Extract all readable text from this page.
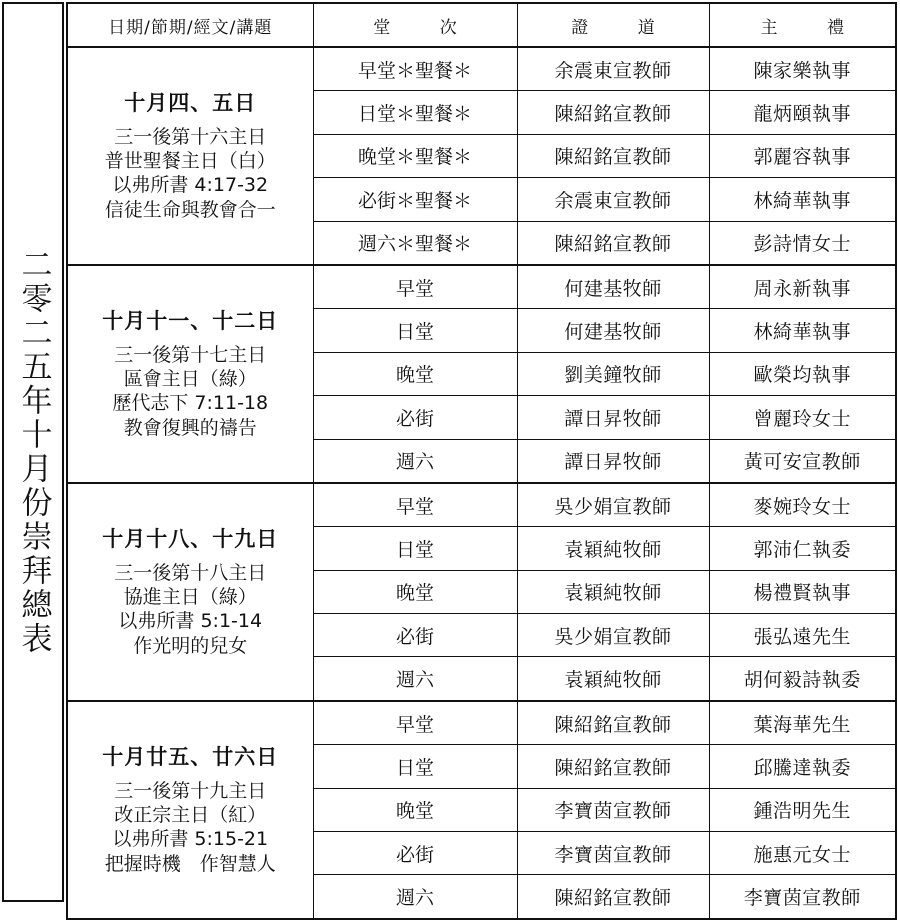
二零二五年十月份崇拜總表
日期/節期/經文/講題	堂 次	證 道	主 禮

十月四、五日
三一後第十六主日
普世聖餐主日（白）
以弗所書 4:17-32
信徒生命與教會合一	早堂＊聖餐＊	余震東宣教師	陳家樂執事
	日堂＊聖餐＊	陳紹銘宣教師	龍炳頤執事
	晚堂＊聖餐＊	陳紹銘宣教師	郭麗容執事
	必街＊聖餐＊	余震東宣教師	林綺華執事
	週六＊聖餐＊	陳紹銘宣教師	彭詩情女士

十月十一、十二日
三一後第十七主日
區會主日（綠）
歷代志下 7:11-18
教會復興的禱告	早堂	何建基牧師	周永新執事
	日堂	何建基牧師	林綺華執事
	晚堂	劉美鐘牧師	歐榮均執事
	必街	譚日昇牧師	曾麗玲女士
	週六	譚日昇牧師	黃可安宣教師

十月十八、十九日
三一後第十八主日
協進主日（綠）
以弗所書 5:1-14
作光明的兒女	早堂	吳少娟宣教師	麥婉玲女士
	日堂	袁穎純牧師	郭沛仁執委
	晚堂	袁穎純牧師	楊禮賢執事
	必街	吳少娟宣教師	張弘遠先生
	週六	袁穎純牧師	胡何毅詩執委

十月廿五、廿六日
三一後第十九主日
改正宗主日（紅）
以弗所書 5:15-21
把握時機　作智慧人	早堂	陳紹銘宣教師	葉海華先生
	日堂	陳紹銘宣教師	邱騰達執委
	晚堂	李寶茵宣教師	鍾浩明先生
	必街	李寶茵宣教師	施惠元女士
	週六	陳紹銘宣教師	李寶茵宣教師
